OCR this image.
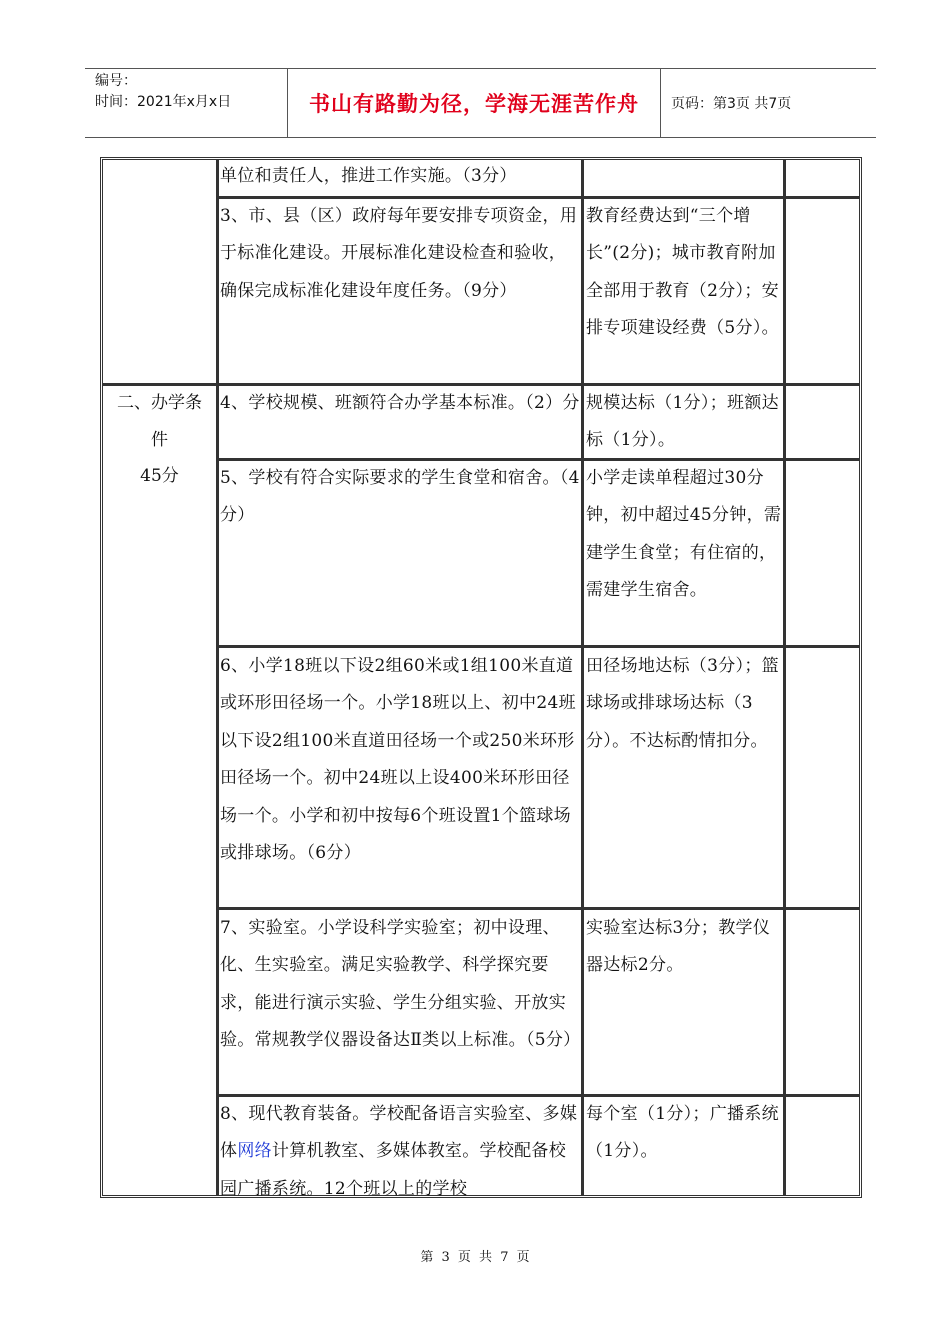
编号：
时间：2021年x月x日	书山有路勤为径，学海无涯苦作舟	页码：第3页 共7页
二、办学条
件
45分
单位和责任人，推进工作实施。（3分）
3、市、县（区）政府每年要安排专项资金，用于标准化建设。开展标准化建设检查和验收，确保完成标准化建设年度任务。（9分）
教育经费达到“三个增长”(2分)；城市教育附加全部用于教育（2分）；安排专项建设经费（5分）。
4、学校规模、班额符合办学基本标准。（2）分 规模达标（1分）；班额达标（1分）。
5、学校有符合实际要求的学生食堂和宿舍。（4分）
小学走读单程超过30分钟，初中超过45分钟，需建学生食堂；有住宿的，需建学生宿舍。
6、小学18班以下设2组60米或1组100米直道或环形田径场一个。小学18班以上、初中24班以下设2组100米直道田径场一个或250米环形田径场一个。初中24班以上设400米环形田径场一个。小学和初中按每6个班设置1个篮球场或排球场。（6分）
田径场地达标（3分）；篮球场或排球场达标（3分）。不达标酌情扣分。
7、实验室。小学设科学实验室；初中设理、化、生实验室。满足实验教学、科学探究要求，能进行演示实验、学生分组实验、开放实验。常规教学仪器设备达Ⅱ类以上标准。（5分）
实验室达标3分；教学仪器达标2分。
8、现代教育装备。学校配备语言实验室、多媒体网络计算机教室、多媒体教室。学校配备校园广播系统。12个班以上的学校
每个室（1分）；广播系统（1分）。
第 3 页 共 7 页
